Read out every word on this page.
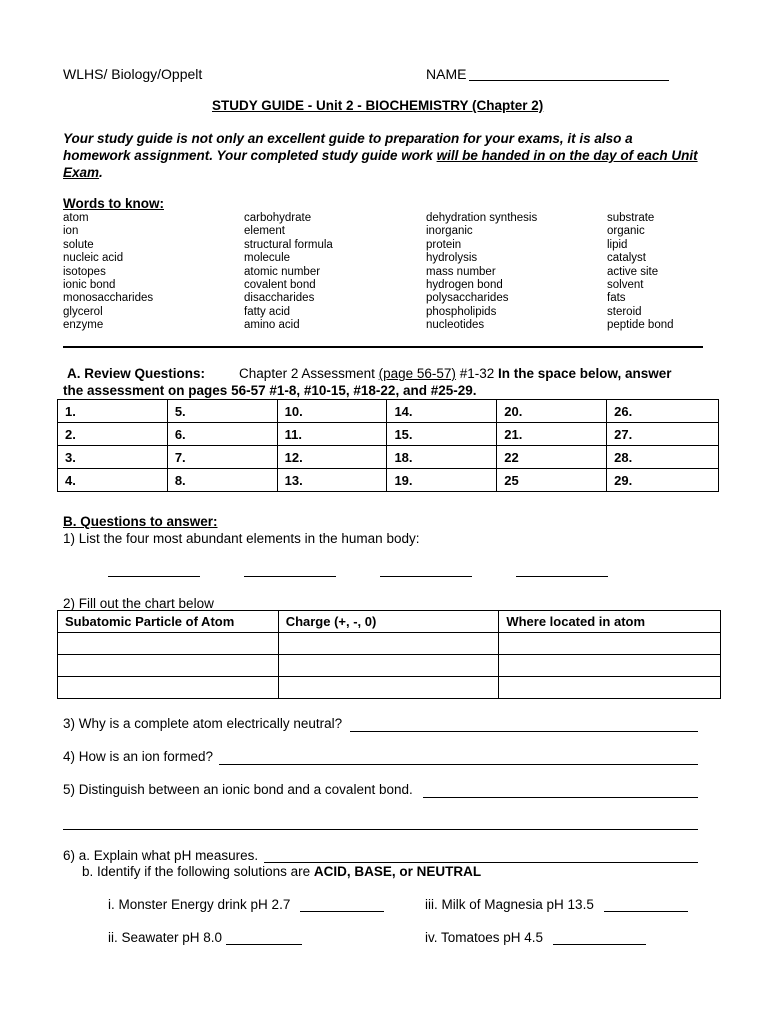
WLHS/ Biology/Oppelt	NAME
STUDY GUIDE - Unit 2 - BIOCHEMISTRY (Chapter 2)
Your study guide is not only an excellent guide to preparation for your exams, it is also a homework assignment. Your completed study guide work will be handed in on the day of each Unit Exam.
Words to know:
atom
ion
solute
nucleic acid
isotopes
ionic bond
monosaccharides
glycerol
enzyme
carbohydrate
element
structural formula
molecule
atomic number
covalent bond
disaccharides
fatty acid
amino acid
dehydration synthesis
inorganic
protein
hydrolysis
mass number
hydrogen bond
polysaccharides
phospholipids
nucleotides
substrate
organic
lipid
catalyst
active site
solvent
fats
steroid
peptide bond
A. Review Questions:	Chapter 2 Assessment (page 56-57) #1-32 In the space below, answer
the assessment on pages 56-57 #1-8, #10-15, #18-22, and #25-29.
1.	5.	10.	14.	20.	26.
2.	6.	11.	15.	21.	27.
3.	7.	12.	18.	22	28.
4.	8.	13.	19.	25	29.
B. Questions to answer:
1) List the four most abundant elements in the human body:
2) Fill out the chart below
Subatomic Particle of Atom	Charge (+, -, 0)	Where located in atom

3) Why is a complete atom electrically neutral?
4) How is an ion formed?
5) Distinguish between an ionic bond and a covalent bond.
6) a. Explain what pH measures.
b. Identify if the following solutions are ACID, BASE, or NEUTRAL
i. Monster Energy drink pH 2.7	iii. Milk of Magnesia pH 13.5
ii. Seawater pH 8.0	iv. Tomatoes pH 4.5
